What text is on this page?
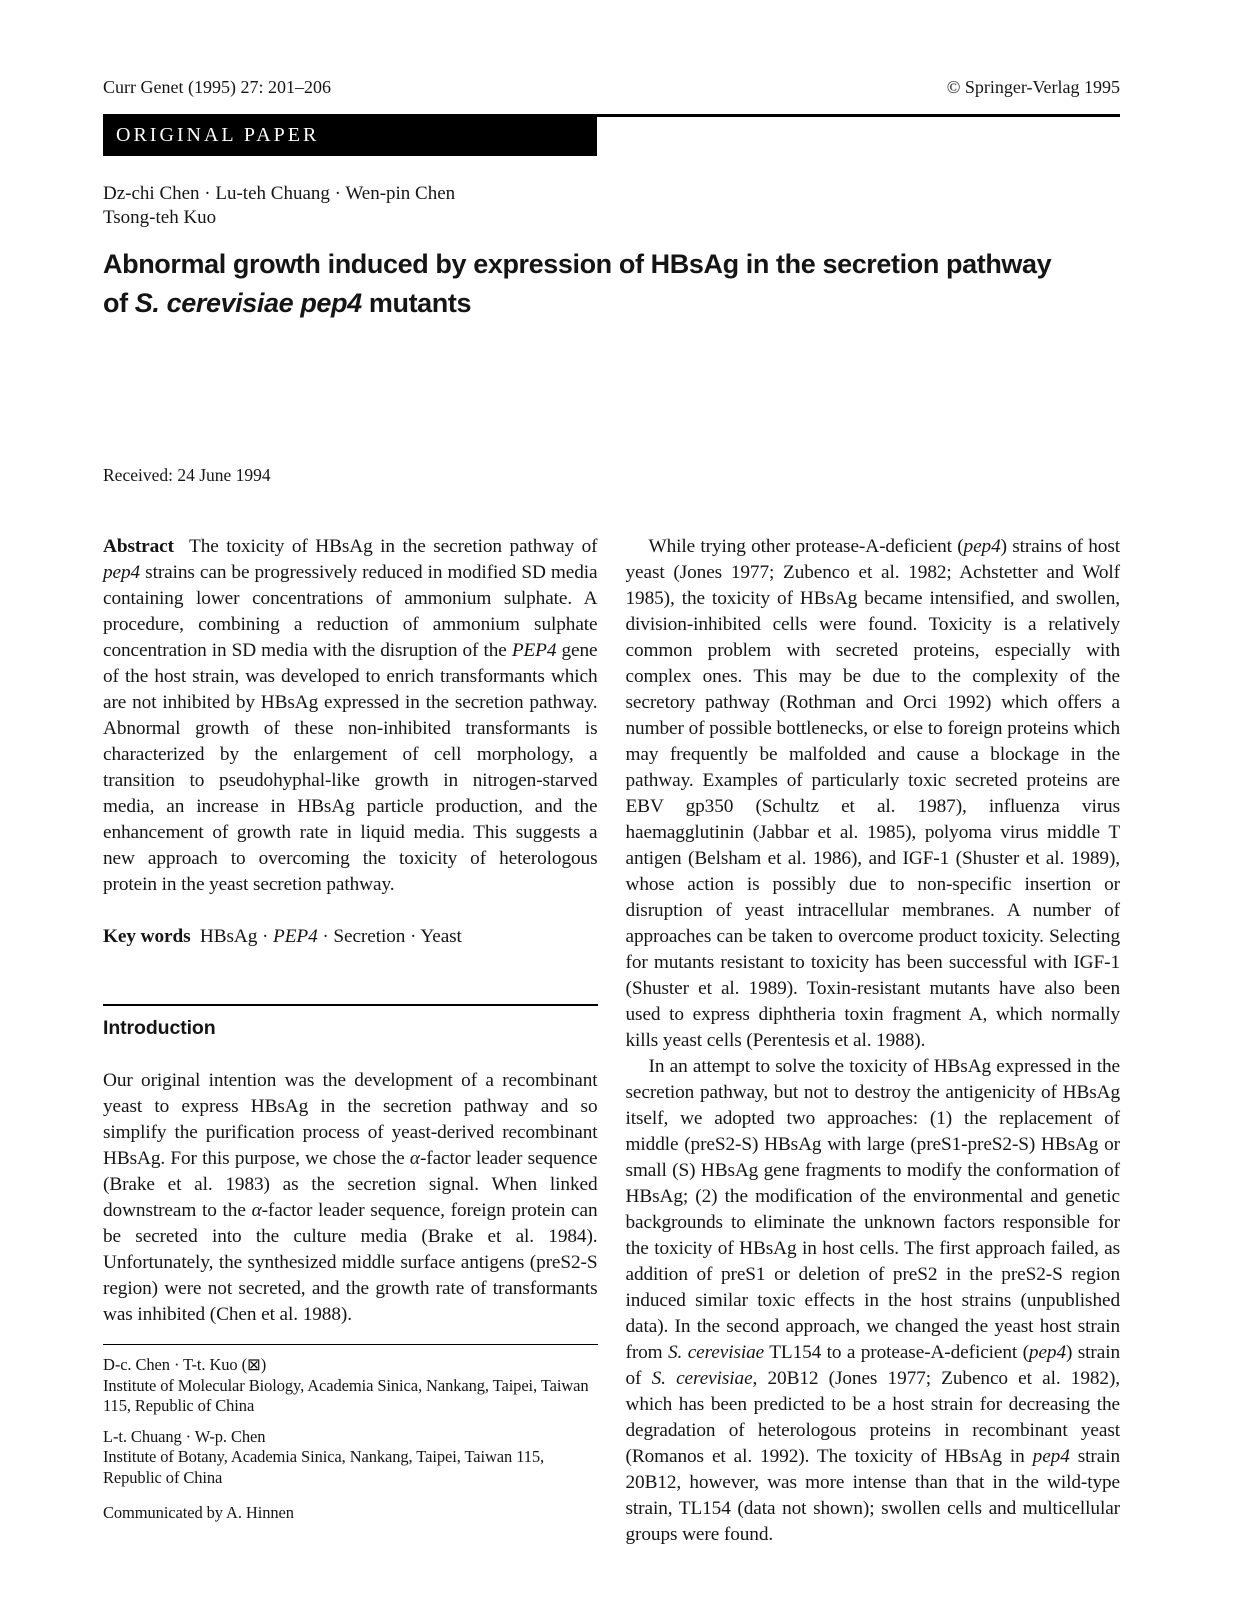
Curr Genet (1995) 27: 201–206	© Springer-Verlag 1995
ORIGINAL PAPER
Dz-chi Chen · Lu-teh Chuang · Wen-pin Chen
Tsong-teh Kuo
Abnormal growth induced by expression of HBsAg in the secretion pathway
of S. cerevisiae pep4 mutants
Received: 24 June 1994

Abstract The toxicity of HBsAg in the secretion pathway of pep4 strains can be progressively reduced in modified SD media containing lower concentrations of ammonium sulphate. A procedure, combining a reduction of ammonium sulphate concentration in SD media with the disruption of the PEP4 gene of the host strain, was developed to enrich transformants which are not inhibited by HBsAg expressed in the secretion pathway. Abnormal growth of these non-inhibited transformants is characterized by the enlargement of cell morphology, a transition to pseudohyphal-like growth in nitrogen-starved media, an increase in HBsAg particle production, and the enhancement of growth rate in liquid media. This suggests a new approach to overcoming the toxicity of heterologous protein in the yeast secretion pathway.

Key words HBsAg · PEP4 · Secretion · Yeast

Introduction

Our original intention was the development of a recombinant yeast to express HBsAg in the secretion pathway and so simplify the purification process of yeast-derived recombinant HBsAg. For this purpose, we chose the α-factor leader sequence (Brake et al. 1983) as the secretion signal. When linked downstream to the α-factor leader sequence, foreign protein can be secreted into the culture media (Brake et al. 1984). Unfortunately, the synthesized middle surface antigens (preS2-S region) were not secreted, and the growth rate of transformants was inhibited (Chen et al. 1988).

D-c. Chen · T-t. Kuo (⊠)
Institute of Molecular Biology, Academia Sinica, Nankang, Taipei, Taiwan 115, Republic of China
L-t. Chuang · W-p. Chen
Institute of Botany, Academia Sinica, Nankang, Taipei, Taiwan 115, Republic of China
Communicated by A. Hinnen

While trying other protease-A-deficient (pep4) strains of host yeast (Jones 1977; Zubenco et al. 1982; Achstetter and Wolf 1985), the toxicity of HBsAg became intensified, and swollen, division-inhibited cells were found. Toxicity is a relatively common problem with secreted proteins, especially with complex ones. This may be due to the complexity of the secretory pathway (Rothman and Orci 1992) which offers a number of possible bottlenecks, or else to foreign proteins which may frequently be malfolded and cause a blockage in the pathway. Examples of particularly toxic secreted proteins are EBV gp350 (Schultz et al. 1987), influenza virus haemagglutinin (Jabbar et al. 1985), polyoma virus middle T antigen (Belsham et al. 1986), and IGF-1 (Shuster et al. 1989), whose action is possibly due to non-specific insertion or disruption of yeast intracellular membranes. A number of approaches can be taken to overcome product toxicity. Selecting for mutants resistant to toxicity has been successful with IGF-1 (Shuster et al. 1989). Toxin-resistant mutants have also been used to express diphtheria toxin fragment A, which normally kills yeast cells (Perentesis et al. 1988).

In an attempt to solve the toxicity of HBsAg expressed in the secretion pathway, but not to destroy the antigenicity of HBsAg itself, we adopted two approaches: (1) the replacement of middle (preS2-S) HBsAg with large (preS1-preS2-S) HBsAg or small (S) HBsAg gene fragments to modify the conformation of HBsAg; (2) the modification of the environmental and genetic backgrounds to eliminate the unknown factors responsible for the toxicity of HBsAg in host cells. The first approach failed, as addition of preS1 or deletion of preS2 in the preS2-S region induced similar toxic effects in the host strains (unpublished data). In the second approach, we changed the yeast host strain from S. cerevisiae TL154 to a protease-A-deficient (pep4) strain of S. cerevisiae, 20B12 (Jones 1977; Zubenco et al. 1982), which has been predicted to be a host strain for decreasing the degradation of heterologous proteins in recombinant yeast (Romanos et al. 1992). The toxicity of HBsAg in pep4 strain 20B12, however, was more intense than that in the wild-type strain, TL154 (data not shown); swollen cells and multicellular groups were found.
